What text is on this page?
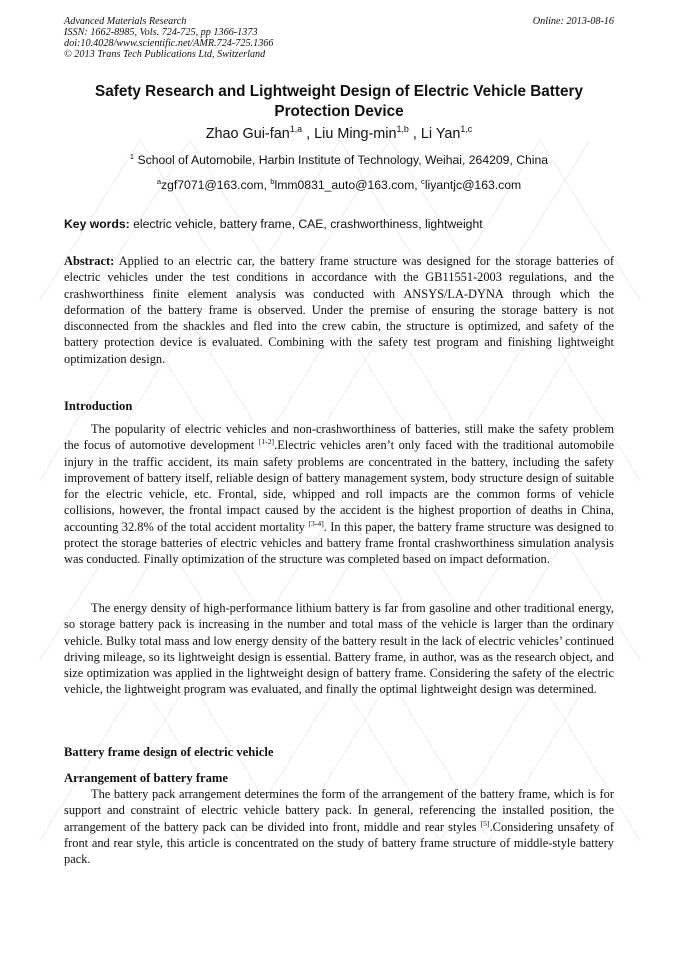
Advanced Materials Research
ISSN: 1662-8985, Vols. 724-725, pp 1366-1373
doi:10.4028/www.scientific.net/AMR.724-725.1366
© 2013 Trans Tech Publications Ltd, Switzerland
Online: 2013-08-16
Safety Research and Lightweight Design of Electric Vehicle Battery
Protection Device
Zhao Gui-fan$^{1,a}$ , Liu Ming-$\min^{1,b}$ , Li Yan$^{1,c}$
$^1$ School of Automobile, Harbin Institute of Technology, Weihai, 264209, China
$^a$zgf7071@163.com, $^b$lmm0831_auto@163.com, $^c$liyantjc@163.com
Key words: electric vehicle, battery frame, CAE, crashworthiness, lightweight

Abstract: Applied to an electric car, the battery frame structure was designed for the storage batteries of electric vehicles under the test conditions in accordance with the GB11551-2003 regulations, and the crashworthiness finite element analysis was conducted with ANSYS/LA-DYNA through which the deformation of the battery frame is observed. Under the premise of ensuring the storage battery is not disconnected from the shackles and fled into the crew cabin, the structure is optimized, and safety of the battery protection device is evaluated. Combining with the safety test program and finishing lightweight optimization design.

Introduction

The popularity of electric vehicles and non-crashworthiness of batteries, still make the safety problem the focus of automotive development [1-2].Electric vehicles aren’t only faced with the traditional automobile injury in the traffic accident, its main safety problems are concentrated in the battery, including the safety improvement of battery itself, reliable design of battery management system, body structure design of suitable for the electric vehicle, etc. Frontal, side, whipped and roll impacts are the common forms of vehicle collisions, however, the frontal impact caused by the accident is the highest proportion of deaths in China, accounting 32.8% of the total accident mortality [3-4]. In this paper, the battery frame structure was designed to protect the storage batteries of electric vehicles and battery frame frontal crashworthiness simulation analysis was conducted. Finally optimization of the structure was completed based on impact deformation.

The energy density of high-performance lithium battery is far from gasoline and other traditional energy, so storage battery pack is increasing in the number and total mass of the vehicle is larger than the ordinary vehicle. Bulky total mass and low energy density of the battery result in the lack of electric vehicles’ continued driving mileage, so its lightweight design is essential. Battery frame, in author, was as the research object, and size optimization was applied in the lightweight design of battery frame. Considering the safety of the electric vehicle, the lightweight program was evaluated, and finally the optimal lightweight design was determined.

Battery frame design of electric vehicle
Arrangement of battery frame

The battery pack arrangement determines the form of the arrangement of the battery frame, which is for support and constraint of electric vehicle battery pack. In general, referencing the installed position, the arrangement of the battery pack can be divided into front, middle and rear styles [5].Considering unsafety of front and rear style, this article is concentrated on the study of battery frame structure of middle-style battery pack.
